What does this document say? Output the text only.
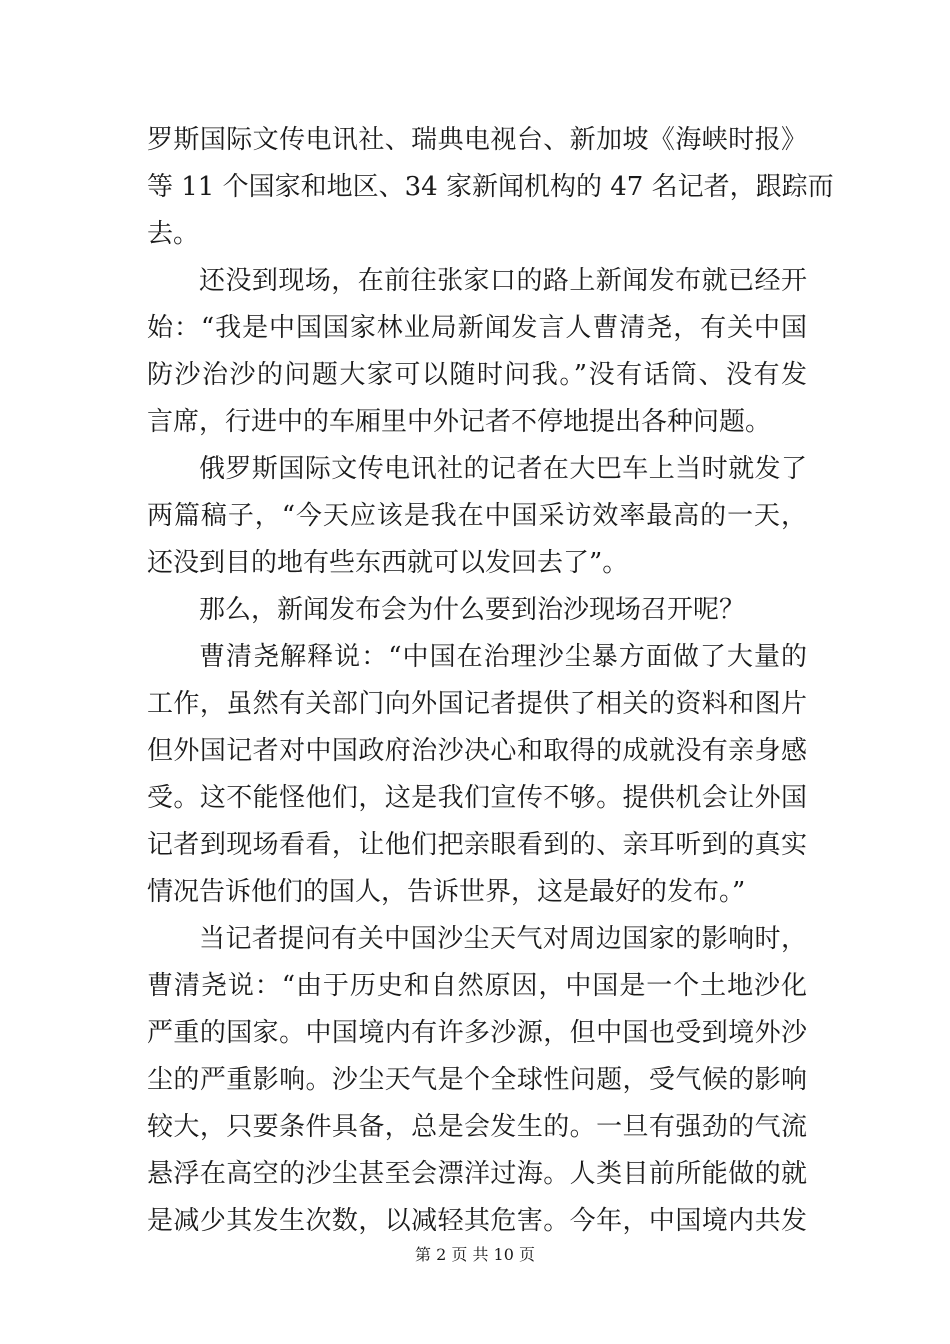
罗斯国际文传电讯社、瑞典电视台、新加坡《海峡时报》
等 11 个国家和地区、34 家新闻机构的 47 名记者，跟踪而
去。
还没到现场，在前往张家口的路上新闻发布就已经开
始：“我是中国国家林业局新闻发言人曹清尧，有关中国
防沙治沙的问题大家可以随时问我。”没有话筒、没有发
言席，行进中的车厢里中外记者不停地提出各种问题。
俄罗斯国际文传电讯社的记者在大巴车上当时就发了
两篇稿子，“今天应该是我在中国采访效率最高的一天，
还没到目的地有些东西就可以发回去了”。
那么，新闻发布会为什么要到治沙现场召开呢？
曹清尧解释说：“中国在治理沙尘暴方面做了大量的
工作，虽然有关部门向外国记者提供了相关的资料和图片
但外国记者对中国政府治沙决心和取得的成就没有亲身感
受。这不能怪他们，这是我们宣传不够。提供机会让外国
记者到现场看看，让他们把亲眼看到的、亲耳听到的真实
情况告诉他们的国人，告诉世界，这是最好的发布。”
当记者提问有关中国沙尘天气对周边国家的影响时，
曹清尧说：“由于历史和自然原因，中国是一个土地沙化
严重的国家。中国境内有许多沙源，但中国也受到境外沙
尘的严重影响。沙尘天气是个全球性问题，受气候的影响
较大，只要条件具备，总是会发生的。一旦有强劲的气流
悬浮在高空的沙尘甚至会漂洋过海。人类目前所能做的就
是减少其发生次数，以减轻其危害。今年，中国境内共发
第 2 页 共 10 页
